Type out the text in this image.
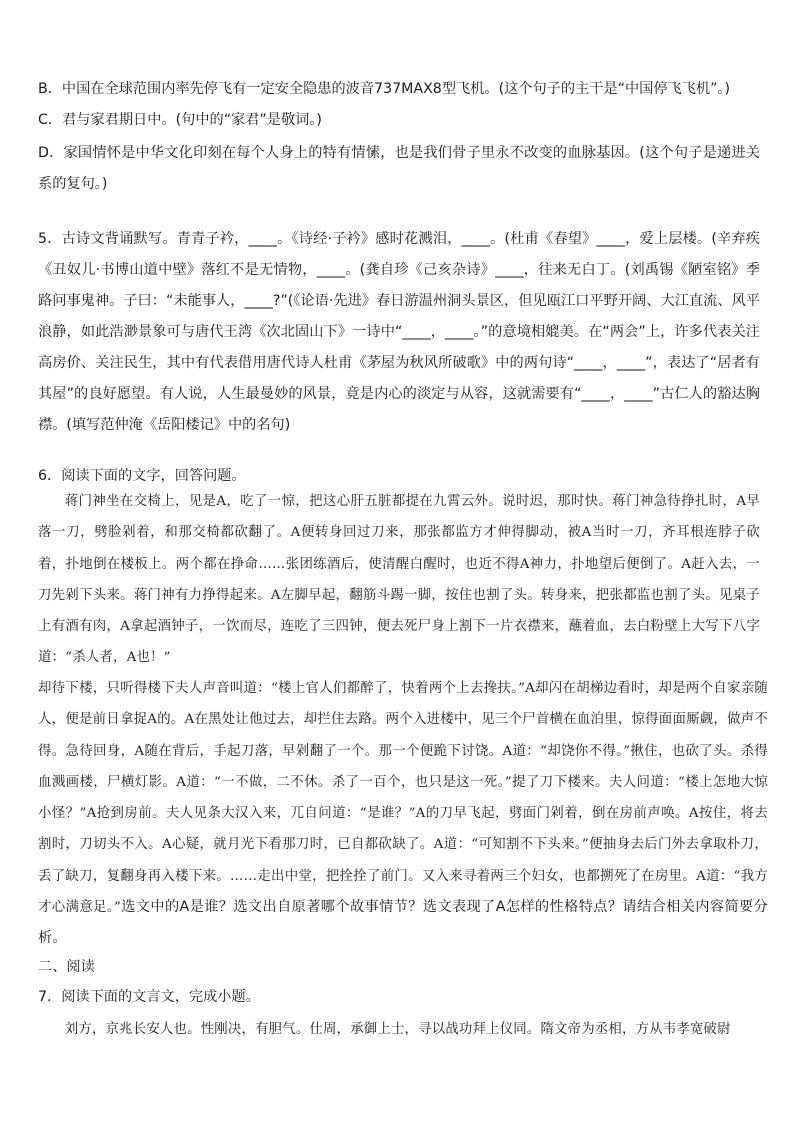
B．中国在全球范围内率先停飞有一定安全隐患的波音737MAX8型飞机。(这个句子的主干是“中国停飞飞机”。)

C．君与家君期日中。(句中的“家君”是敬词。)

D．家国情怀是中华文化印刻在每个人身上的特有情愫，也是我们骨子里永不改变的血脉基因。(这个句子是递进关系的复句。)

5．古诗文背诵默写。青青子衿，____。《诗经·子衿》感时花溅泪，____。(杜甫《春望》____，爱上层楼。(辛弃疾《丑奴儿·书博山道中壁》落红不是无情物，____。(龚自珍《己亥杂诗》____，往来无白丁。(刘禹锡《陋室铭》季路问事鬼神。子曰：“未能事人，____?”(《论语·先进》春日游温州洞头景区，但见瓯江口平野开阔、大江直流、风平浪静，如此浩渺景象可与唐代王湾《次北固山下》一诗中“____，____。”的意境相媲美。在“两会”上，许多代表关注高房价、关注民生，其中有代表借用唐代诗人杜甫《茅屋为秋风所破歌》中的两句诗“____，____”，表达了“居者有其屋”的良好愿望。有人说，人生最曼妙的风景，竟是内心的淡定与从容，这就需要有“____，____”古仁人的豁达胸襟。(填写范仲淹《岳阳楼记》中的名句)

6．阅读下面的文字，回答问题。

蒋门神坐在交椅上，见是A，吃了一惊，把这心肝五脏都提在九霄云外。说时迟，那时快。蒋门神急待挣扎时，A早落一刀，劈脸剁着，和那交椅都砍翻了。A便转身回过刀来，那张都监方才伸得脚动，被A当时一刀，齐耳根连脖子砍着，扑地倒在楼板上。两个都在挣命……张团练酒后，使清醒白醒时，也近不得A神力，扑地望后便倒了。A赶入去，一刀先剁下头来。蒋门神有力挣得起来。A左脚早起，翻筋斗踢一脚，按住也割了头。转身来，把张都监也割了头。见桌子上有酒有肉，A拿起酒钟子，一饮而尽，连吃了三四钟，便去死尸身上割下一片衣襟来，蘸着血，去白粉壁上大写下八字道：“杀人者，A也！”

却待下楼，只听得楼下夫人声音叫道：“楼上官人们都醉了，快着两个上去搀扶。”A却闪在胡梯边看时，却是两个自家亲随人，便是前日拿捉A的。A在黑处让他过去，却拦住去路。两个入进楼中，见三个尸首横在血泊里，惊得面面厮觑，做声不得。急待回身，A随在背后，手起刀落，早剁翻了一个。那一个便跪下讨饶。A道：“却饶你不得。”揪住，也砍了头。杀得血溅画楼，尸横灯影。A道：“一不做，二不休。杀了一百个，也只是这一死。”提了刀下楼来。夫人问道：“楼上怎地大惊小怪？”A抢到房前。夫人见条大汉入来，兀自问道：“是谁？”A的刀早飞起，劈面门剁着，倒在房前声唤。A按住，将去割时，刀切头不入。A心疑，就月光下看那刀时，已自都砍缺了。A道：“可知割不下头来。”便抽身去后门外去拿取朴刀，丢了缺刀，复翻身再入楼下来。……走出中堂，把拴拴了前门。又入来寻着两三个妇女，也都搠死了在房里。A道：“我方才心满意足。”选文中的A是谁？选文出自原著哪个故事情节？选文表现了A怎样的性格特点？请结合相关内容简要分析。

二、阅读

7．阅读下面的文言文，完成小题。

刘方，京兆长安人也。性刚决，有胆气。仕周，承御上士，寻以战功拜上仪同。隋文帝为丞相，方从韦孝宽破尉
